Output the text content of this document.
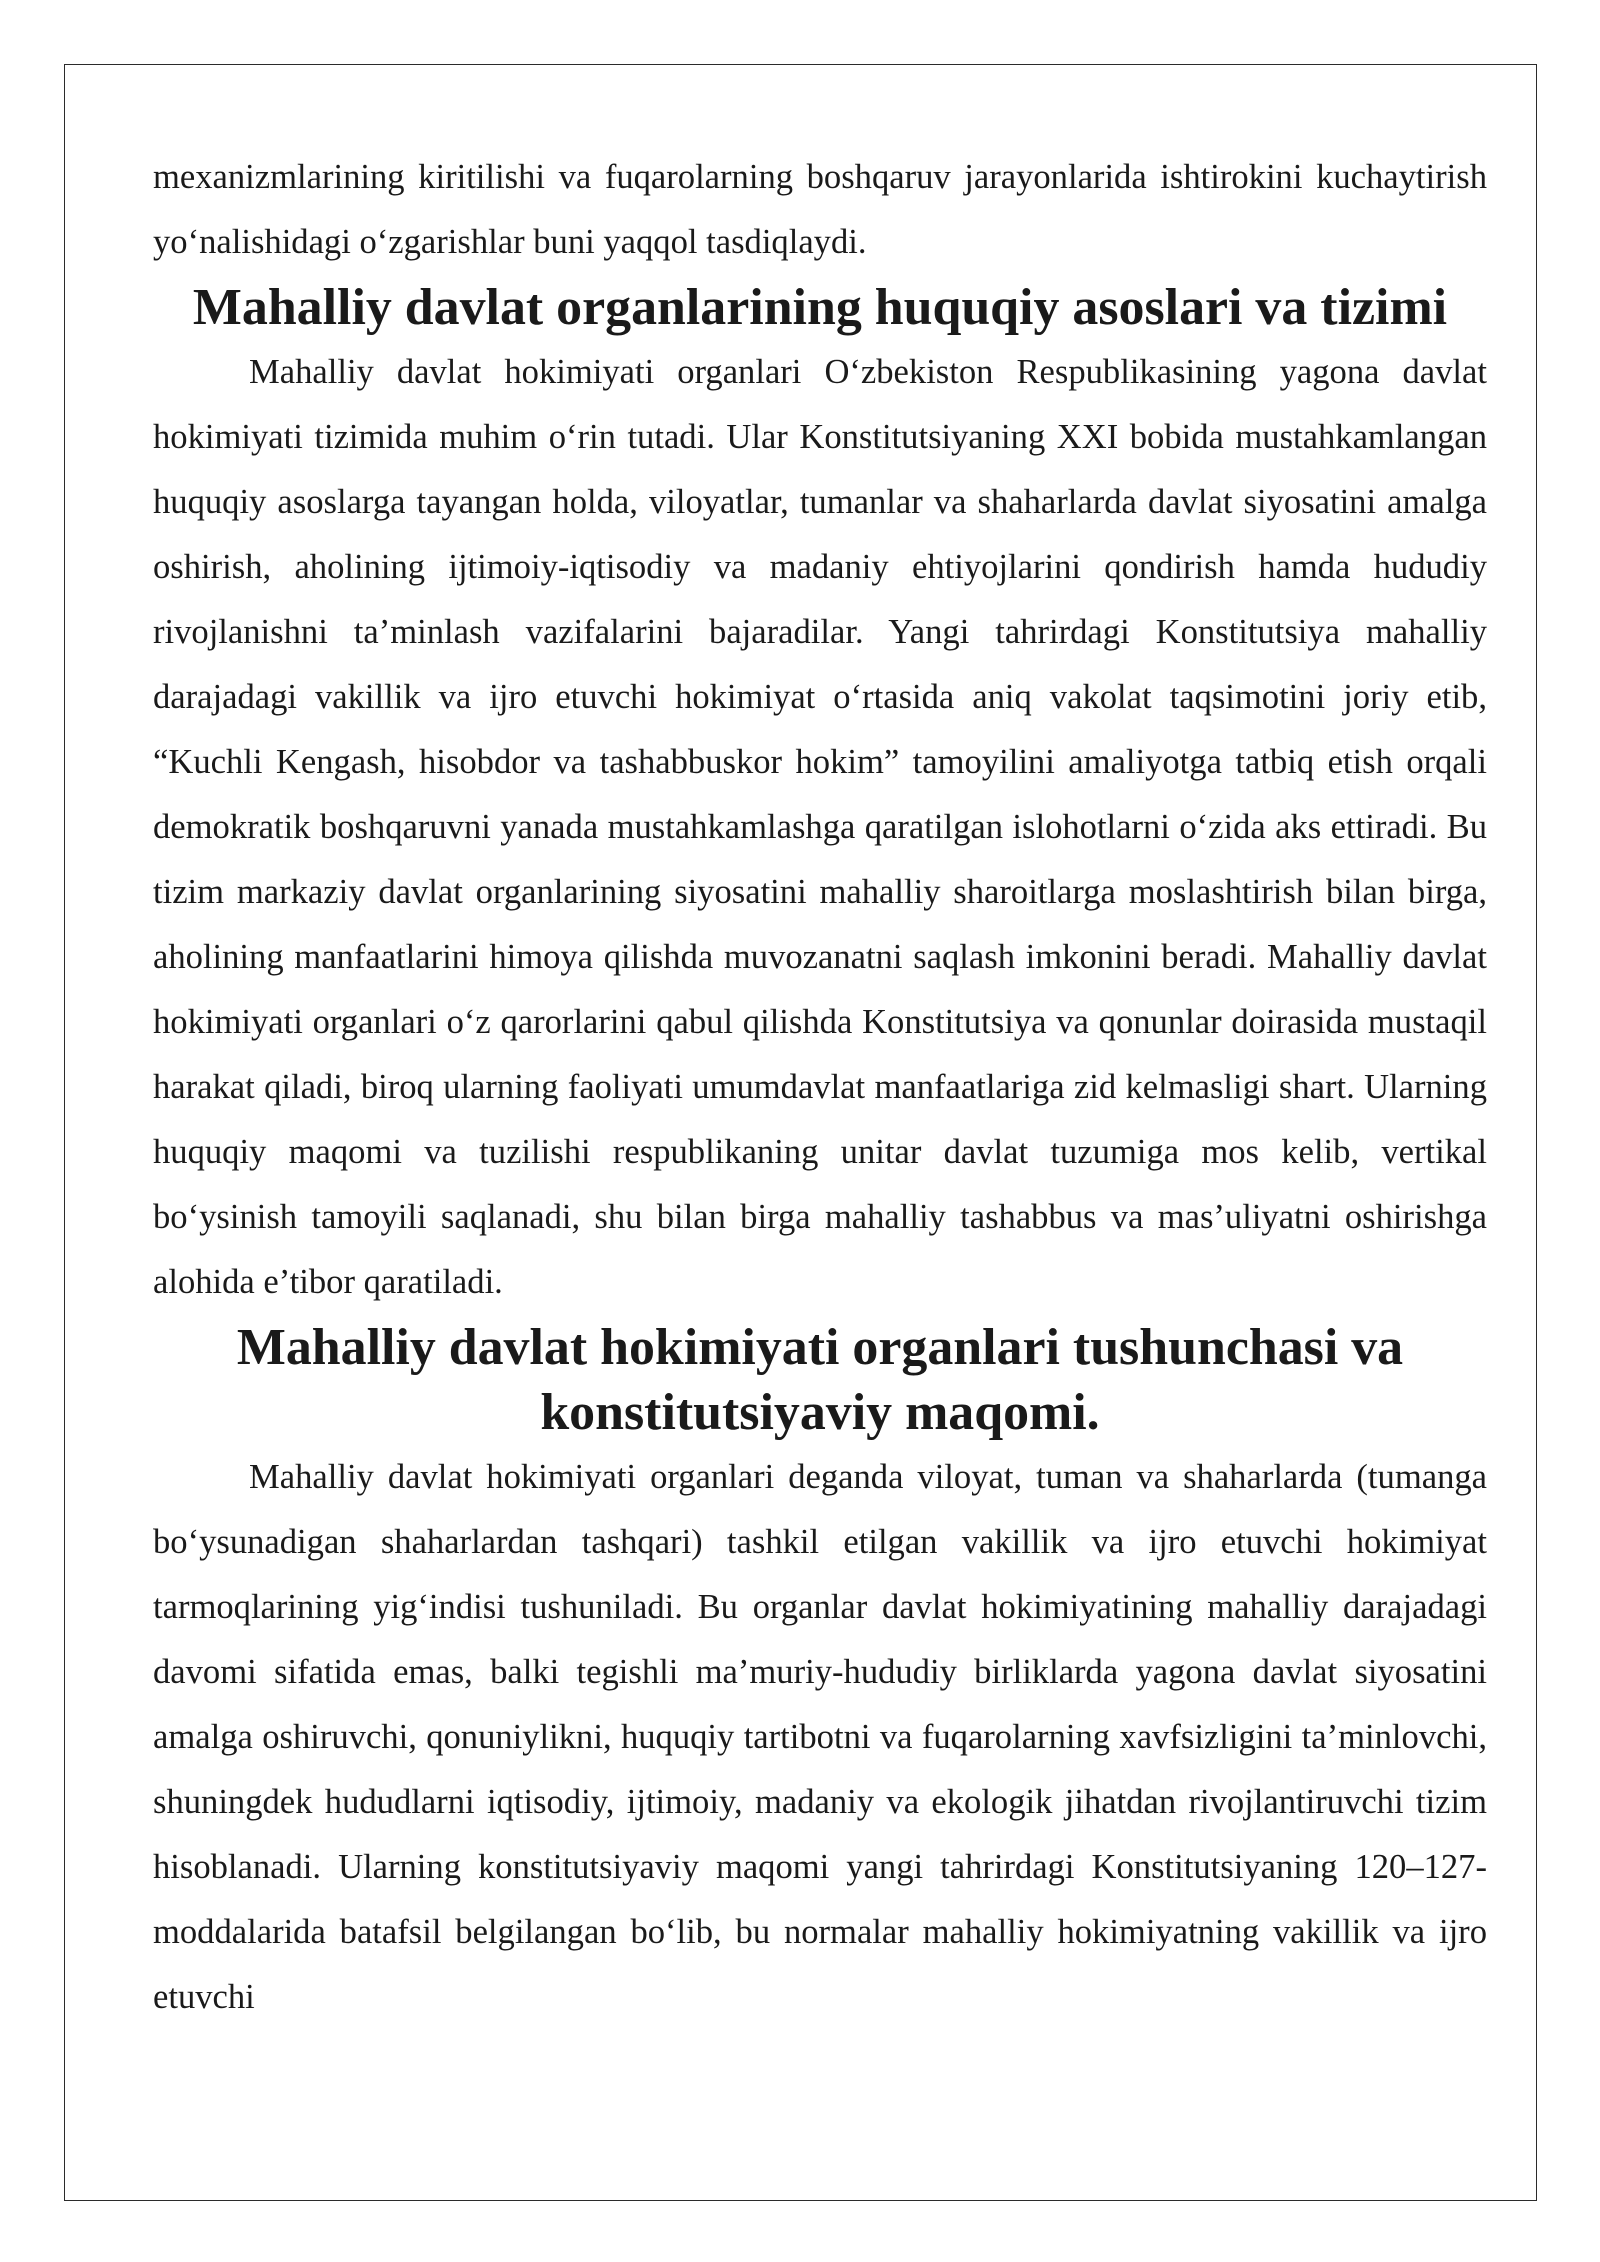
mexanizmlarining kiritilishi va fuqarolarning boshqaruv jarayonlarida ishtirokini kuchaytirish yo‘nalishidagi o‘zgarishlar buni yaqqol tasdiqlaydi.

Mahalliy davlat organlarining huquqiy asoslari va tizimi

Mahalliy davlat hokimiyati organlari O‘zbekiston Respublikasining yagona davlat hokimiyati tizimida muhim o‘rin tutadi. Ular Konstitutsiyaning XXI bobida mustahkamlangan huquqiy asoslarga tayangan holda, viloyatlar, tumanlar va shaharlarda davlat siyosatini amalga oshirish, aholining ijtimoiy-iqtisodiy va madaniy ehtiyojlarini qondirish hamda hududiy rivojlanishni ta’minlash vazifalarini bajaradilar. Yangi tahrirdagi Konstitutsiya mahalliy darajadagi vakillik va ijro etuvchi hokimiyat o‘rtasida aniq vakolat taqsimotini joriy etib, “Kuchli Kengash, hisobdor va tashabbuskor hokim” tamoyilini amaliyotga tatbiq etish orqali demokratik boshqaruvni yanada mustahkamlashga qaratilgan islohotlarni o‘zida aks ettiradi. Bu tizim markaziy davlat organlarining siyosatini mahalliy sharoitlarga moslashtirish bilan birga, aholining manfaatlarini himoya qilishda muvozanatni saqlash imkonini beradi. Mahalliy davlat hokimiyati organlari o‘z qarorlarini qabul qilishda Konstitutsiya va qonunlar doirasida mustaqil harakat qiladi, biroq ularning faoliyati umumdavlat manfaatlariga zid kelmasligi shart. Ularning huquqiy maqomi va tuzilishi respublikaning unitar davlat tuzumiga mos kelib, vertikal bo‘ysinish tamoyili saqlanadi, shu bilan birga mahalliy tashabbus va mas’uliyatni oshirishga alohida e’tibor qaratiladi.

Mahalliy davlat hokimiyati organlari tushunchasi va konstitutsiyaviy maqomi.

Mahalliy davlat hokimiyati organlari deganda viloyat, tuman va shaharlarda (tumanga bo‘ysunadigan shaharlardan tashqari) tashkil etilgan vakillik va ijro etuvchi hokimiyat tarmoqlarining yig‘indisi tushuniladi. Bu organlar davlat hokimiyatining mahalliy darajadagi davomi sifatida emas, balki tegishli ma’muriy-hududiy birliklarda yagona davlat siyosatini amalga oshiruvchi, qonuniylikni, huquqiy tartibotni va fuqarolarning xavfsizligini ta’minlovchi, shuningdek hududlarni iqtisodiy, ijtimoiy, madaniy va ekologik jihatdan rivojlantiruvchi tizim hisoblanadi. Ularning konstitutsiyaviy maqomi yangi tahrirdagi Konstitutsiyaning 120–127-moddalarida batafsil belgilangan bo‘lib, bu normalar mahalliy hokimiyatning vakillik va ijro etuvchi
